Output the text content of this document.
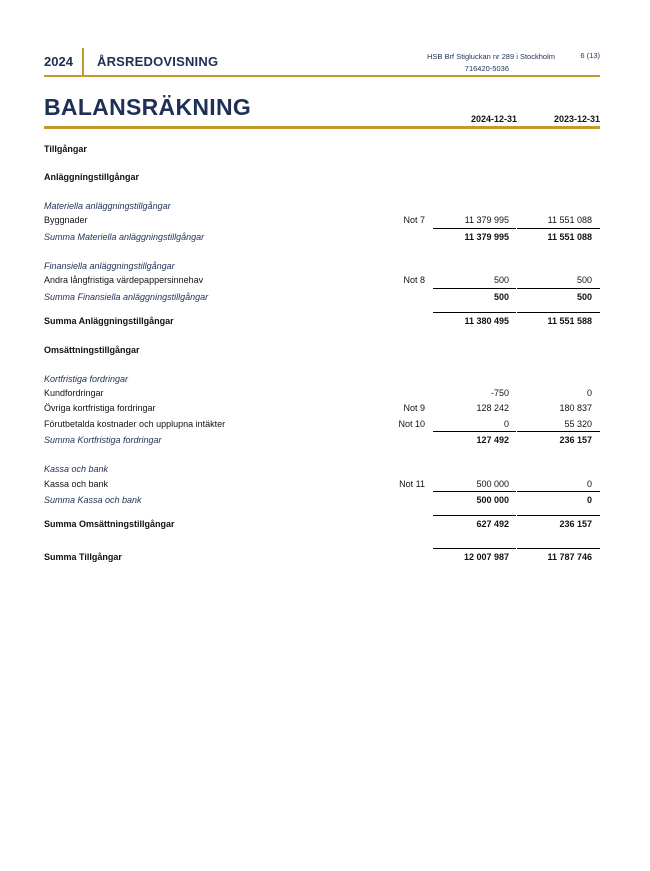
2024 ÅRSREDOVISNING	HSB Brf Stigluckan nr 289 i Stockholm
716420-5036
6 (13)
BALANSRÄKNING	2024-12-31	2023-12-31
Tillgångar
Anläggningstillgångar
Materiella anläggningstillgångar
Byggnader	Not 7	11 379 995	11 551 088
Summa Materiella anläggningstillgångar	11 379 995	11 551 088
Finansiella anläggningstillgångar
Andra långfristiga värdepappersinnehav	Not 8	500	500
Summa Finansiella anläggningstillgångar	500	500
Summa Anläggningstillgångar	11 380 495	11 551 588
Omsättningstillgångar
Kortfristiga fordringar
Kundfordringar	-750	0
Övriga kortfristiga fordringar	Not 9	128 242	180 837
Förutbetalda kostnader och upplupna intäkter	Not 10	0	55 320
Summa Kortfristiga fordringar	127 492	236 157
Kassa och bank
Kassa och bank	Not 11	500 000	0
Summa Kassa och bank	500 000	0
Summa Omsättningstillgångar	627 492	236 157
Summa Tillgångar	12 007 987	11 787 746
